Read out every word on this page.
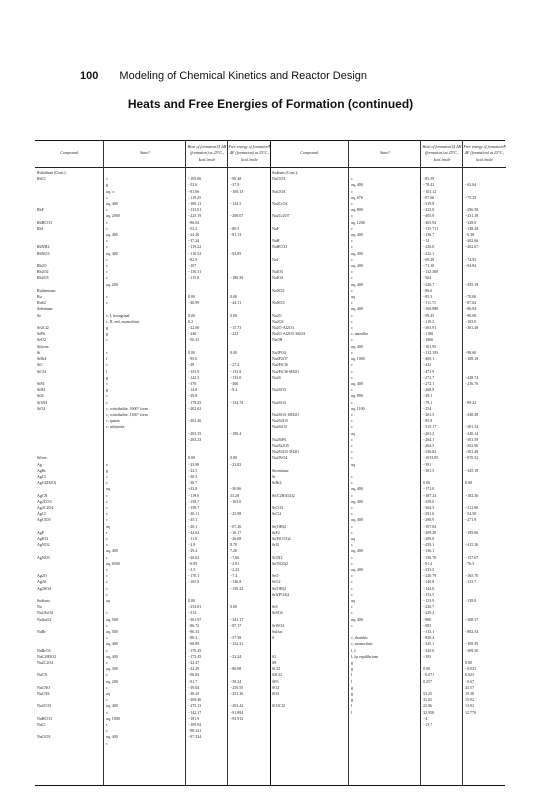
100 Modeling of Chemical Kinetics and Reactor Design
Heats and Free Energies of Formation (continued)
Compound
Rubidium (Cont.):
RbCl

RbF

RbHCO3
RbI

RbNH2
RbNO3

Rb2O
Rb2O2
Rb2O3

Ruthenium:
Ru
RuS2
Selenium:
Se

Se2Cl2
SeF6
SeO2
Silicon:
Si
SiBr4
SiC
SiCl4

SiF4
SiH4
SiI4
Si3N4
SiO2

Silver:
Ag
AgBr
AgCl
AgCl(H2O)

AgCN
Ag2CO3
Ag2C2O4
AgCl
AgClO3

AgF
AgIO3
AgNO2

AgNO3

Ag2O
Ag2S
Ag2SO4

Sodium:
Na
Na2AsO4
NaAuO2

NaBr

NaBrO3
NaC2H3O2
Na2C2O4

NaCN

NaCNO
NaCNS

Na2CO3

NaHCO3
NaCl

NaClO3
State†

c
g
aq, ∞
c
aq, 400
c
aq, 2000
c
c
aq, 400
c
c
aq, 400
c
c
c
c
aq, 200

c
c

c, I, hexagonal
c, II, red, monoclinic
g
g
c

c
l
c
l
g
c
g
c
c
c, cristobalite, 1600° form
c, cristobalite, 1100° form
c, quartz
c, tridymite

c
g
c
c
aq
c
c
c
c
c
aq
c
c
c
aq, 400
c
aq, 6500
c
c
c
c
c
aq

c
aq, 500
c
aq, 500
c
aq, 400
c
aq, 400
c
aq, 300
c
aq, 200
c
aq
c
aq, 400
c
aq, 1000
c
c
aq, 400
c
Heat of formation‡§ ΔH (formation) at 25°C., kcal./mole

−105.06
−53.6
−81.06
−119.25
−100.11
−133.01
−225.19
−86.04
−53.2
−24.26
−37.24
−119.22
−110.52
−82.9
−107
−130.31
−115.8

0.00
−46.99

0.00
0.2
−22.06
−246
−56.33

0.00
−95.6
−28
−153.9
−142.5
−370
−14.8
−29.8
−179.25
−202.62

−202.46

−203.35
−203.23

0.00
−23.98
−24.5
−30.3
−30.7
+33.8
−119.5
−158.7
−158.7
−30.11
−35.1
−20.1
−42.62
−11.6
−2.9
−29.4
−26.02
−6.95
−3.5
−170.1
−165.8

0.00
−254.81
−314
−361.97
−86.72
−86.33
−80.2
−68.89
−170.45
−173.45
−22.47
−22.29
−96.83
−91.7
−39.04
−38.25
−269.46
−275.13
−142.17
−181.9
−109.92
−98.321
−97.324
Free energy of formation¶ ΔF (formation) at 25°C., kcal./mole

−96.48
−37.9
−100.13

−134.5

−209.07

−80.5
−81.13

−93.85

−186.39

0.00
−44.11

0.00

−15.73
−222

0.00

−27.4
−133.9
−133.0
−360
−9.4

−134.74

−190.4

0.00
−23.82

−30.86
33.20
−103.0

−25.98

−67.26
−16.17
−26.08
8.78
7.26
−7.66
−2.81
−2.23
−7.4
−146.8
−139.22

0.00

−341.17
−87.17

−57.39
−152.31

−23.24

−86.08

−39.24
−250.55
−251.36

−203.42
−91.894
−93.912
Compound
Sodium (Cont.):
NaClO3

NaClO4

Na2CrO4

Na2Cr2O7

NaF

NaH
NaHCO3

NaI

NaIO3
NaIO4

NaNO2

NaNO3

Na2O
Na2O2
Na2O·Al2O3
Na2O·Al2O3·3SiO2
NaOH

Na3PO4
Na4P2O7
Na2PtCl6
Na2PtCl6·6H2O
Na2S

Na2SO3

Na2SO4

Na2SO4·10H2O
Na2S2O3
Na2SiO3

Na2SiF6
Na2Si2O5
Na2S2O3·5H2O
Na2WO4

Strontium:
Sr
SrBr2

Sr(C2H3O2)2

SrCO3
SrCl2

Sr(OH)2
SrF2
Sr(HCO3)2
SrI2

Sr3N2
Sr(NO3)2

SrO
SrO2
Sr(OH)2
Sr3(PO4)2

SrS
SrSO4

SrWO4
Sulfur:
S

S2
S8
SCl2
S2Cl2
SF6
SO2
SO3

SO2Cl2
State†

c
aq, 400
c
aq, 676
c
aq, 800
c
aq, 1200
c
aq, 400
c
c
aq, 400
c
aq, 400
c
c
aq, 400
c
aq
c
aq, 400
c
c
c
c, natrolite
c
aq, 400
c
aq, 1000
c
c
c
aq, 400
c
aq, 800
c
aq, 1100
c
c
c
aq
c
c
c
c
aq

c
c
aq, 400
c
aq, 400
c
c
aq, 400
c
c
aq
c
aq, 400
c
c
aq, 400
c
c
c
c
aq
c
c
aq, 400
c

c, rhombic
c, monoclinic
l, λ
l, λμ equilibrium
g
g
l
l
g
g
g
l
l
Heat of formation‡§ ΔH (formation) at 25°C., kcal./mole

−85.59
−78.42
−101.12
−97.66
−319.8
−323.0
−465.9
−465.94
−135.711
−136.7
−14
−226.0
−222.1
−69.28
−71.10
−112.300
−564
−226.7
−86.6
−85.3
−111.71
−106.880
−99.45
−119.2
−363.91
−1180
−1866
−101.95
−112.193
−469.1
−412
−471.9
−272.7
−272.1
−268.9
−39.1
−78.1
−254
−261.5
−85.8
−315.17
−261.2
−264.1
−264.5
−336.82
−1033.85
−391
−381.5

0.00
−171.0
−187.24
−358.0
−364.5
−291.6
−290.9
−197.84
−209.20
−289.0
−459.1
−136.1
−156.70
−91.4
−233.5
−220.79
−140.8
−144.0
−153.5
−153.9
−226.7
−229.4
−980
−983
−113.1
−820.4
−345.1
−345.0
−393

0.00
−0.071
0.257

53.25
31.02
22.96
32.958
−4
−13.7
Free energy of formation¶ ΔF (formation) at 25°C., kcal./mole

−62.64

−75.29

−296.58
−431.18
−328.0
−128.28
−9.38
−202.66
−202.67

−74.92
−94.84

−355.18

−70.06
−87.62
−86.84
−90.06
−103.0
−361.49

−98.60
−108.18

−428.74
−216.76

−89.42

−230.38

−301.34
−240.14
−301.59
−302.96
−301.28
−870.52

−345.18

0.00

−182.36

−311.90
−54.50
−271.9

−195.66

−415.26

−157.67
−76.5

−165.70
−133.7

−139.0

−208.37

−882.54

−109.39
−309.30

0.00
−0.023
0.023
−0.67
43.57
19.38
15.92
13.92
12.770
